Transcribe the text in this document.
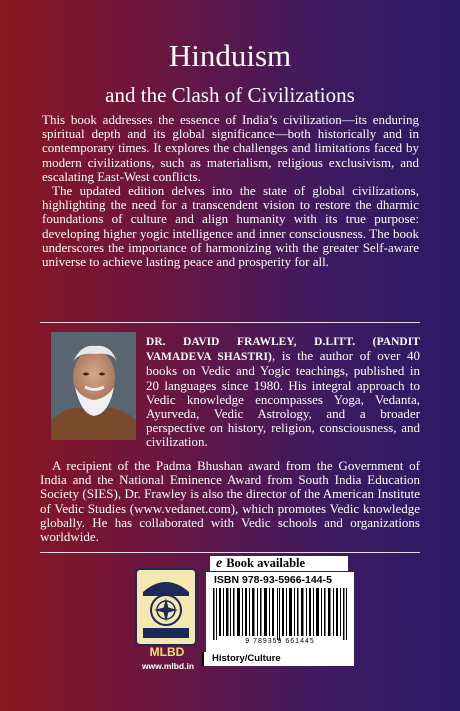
Hinduism
and the Clash of Civilizations
This book addresses the essence of India’s civilization—its enduring spiritual depth and its global significance—both historically and in contemporary times. It explores the challenges and limitations faced by modern civilizations, such as materialism, religious exclusivism, and escalating East-West conflicts.
The updated edition delves into the state of global civilizations, highlighting the need for a transcendent vision to restore the dharmic foundations of culture and align humanity with its true purpose: developing higher yogic intelligence and inner consciousness. The book underscores the importance of harmonizing with the greater Self-aware universe to achieve lasting peace and prosperity for all.
DR. DAVID FRAWLEY, D.LITT. (PANDIT VAMADEVA SHASTRI), is the author of over 40 books on Vedic and Yogic teachings, published in 20 languages since 1980. His integral approach to Vedic knowledge encompasses Yoga, Vedanta, Ayurveda, Vedic Astrology, and a broader perspective on history, religion, consciousness, and civilization.
A recipient of the Padma Bhushan award from the Government of India and the National Eminence Award from South India Education Society (SIES), Dr. Frawley is also the director of the American Institute of Vedic Studies (www.vedanet.com), which promotes Vedic knowledge globally. He has collaborated with Vedic schools and organizations worldwide.
MLBD
www.mlbd.in
e Book available
ISBN 978-93-5966-144-5
9 789359 661445
History/Culture
